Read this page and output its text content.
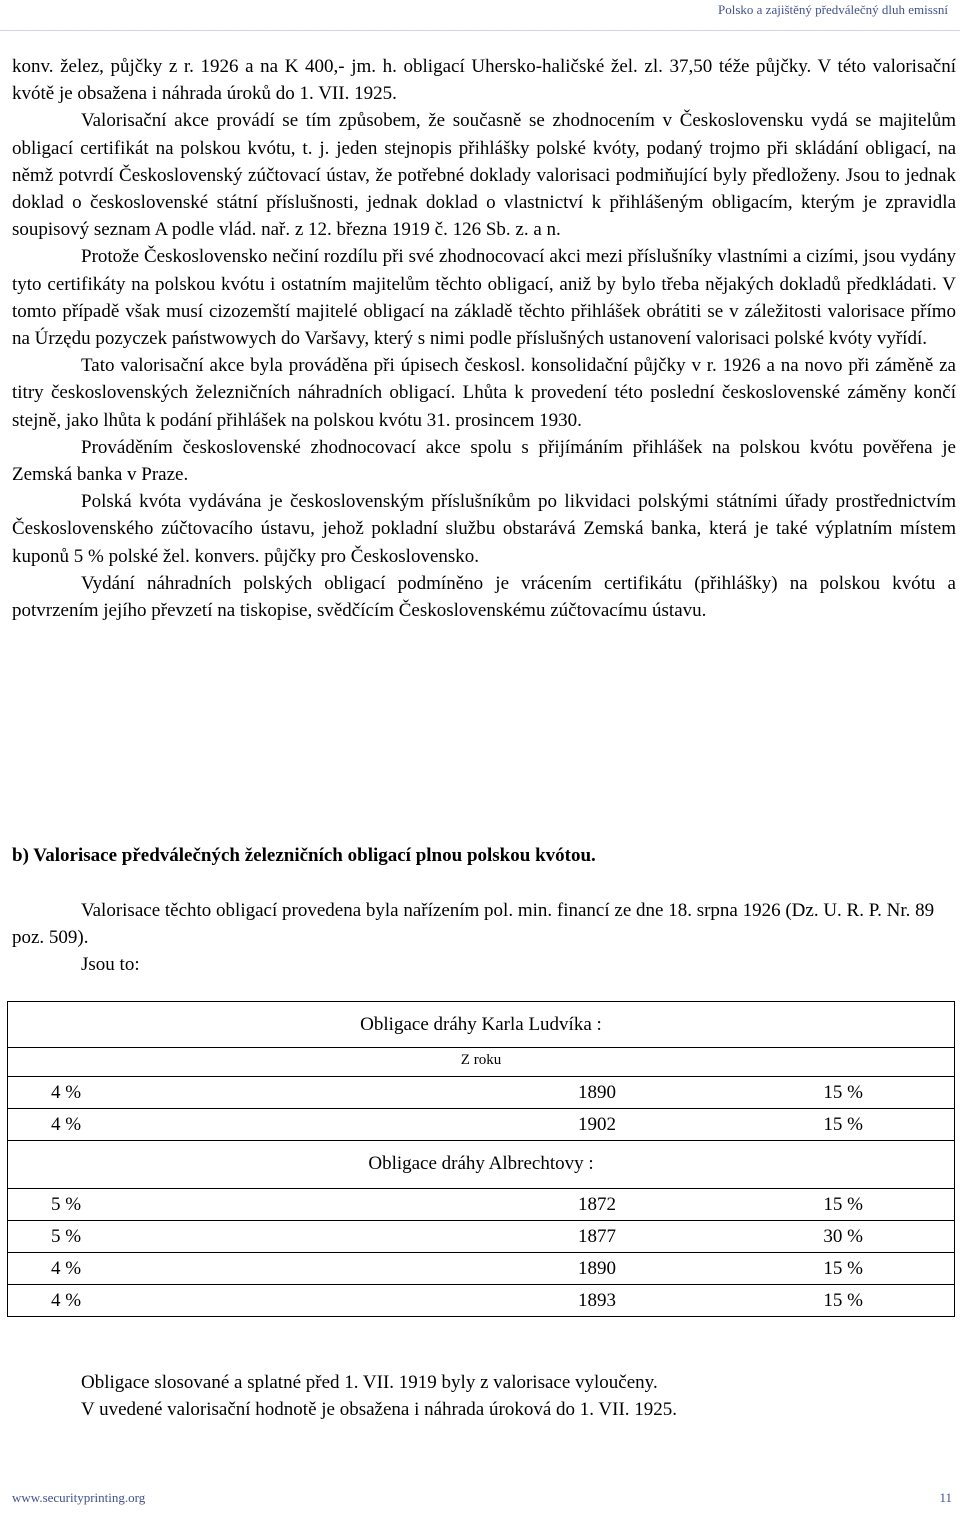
Polsko a zajištěný předválečný dluh emissní

konv. želez, půjčky z r. 1926 a na K 400,- jm. h. obligací Uhersko-haličské žel. zl. 37,50 téže půjčky. V této valorisační kvótě je obsažena i náhrada úroků do 1. VII. 1925.

Valorisační akce provádí se tím způsobem, že současně se zhodnocením v Československu vydá se majitelům obligací certifikát na polskou kvótu, t. j. jeden stejnopis přihlášky polské kvóty, podaný trojmo při skládání obligací, na němž potvrdí Československý zúčtovací ústav, že potřebné doklady valorisaci podmiňující byly předloženy. Jsou to jednak doklad o československé státní příslušnosti, jednak doklad o vlastnictví k přihlášeným obligacím, kterým je zpravidla soupisový seznam A podle vlád. nař. z 12. března 1919 č. 126 Sb. z. a n.

Protože Československo nečiní rozdílu při své zhodnocovací akci mezi příslušníky vlastními a cizími, jsou vydány tyto certifikáty na polskou kvótu i ostatním majitelům těchto obligací, aniž by bylo třeba nějakých dokladů předkládati. V tomto případě však musí cizozemští majitelé obligací na základě těchto přihlášek obrátiti se v záležitosti valorisace přímo na Úrzędu pozyczek państwowych do Varšavy, který s nimi podle příslušných ustanovení valorisaci polské kvóty vyřídí.

Tato valorisační akce byla prováděna při úpisech českosl. konsolidační půjčky v r. 1926 a na novo při záměně za titry československých železničních náhradních obligací. Lhůta k provedení této poslední československé záměny končí stejně, jako lhůta k podání přihlášek na polskou kvótu 31. prosincem 1930.

Prováděním československé zhodnocovací akce spolu s přijímáním přihlášek na polskou kvótu pověřena je Zemská banka v Praze.

Polská kvóta vydávána je československým příslušníkům po likvidaci polskými státními úřady prostřednictvím Československého zúčtovacího ústavu, jehož pokladní službu obstarává Zemská banka, která je také výplatním místem kuponů 5 % polské žel. konvers. půjčky pro Československo.

Vydání náhradních polských obligací podmíněno je vrácením certifikátu (přihlášky) na polskou kvótu a potvrzením jejího převzetí na tiskopise, svědčícím Československému zúčtovacímu ústavu.

b) Valorisace předválečných železničních obligací plnou polskou kvótou.

Valorisace těchto obligací provedena byla nařízením pol. min. financí ze dne 18. srpna 1926 (Dz. U. R. P. Nr. 89 poz. 509).

Jsou to:

Obligace dráhy Karla Ludvíka :
Z roku
4 %	1890	15 %
4 %	1902	15 %
Obligace dráhy Albrechtovy :
5 %	1872	15 %
5 %	1877	30 %
4 %	1890	15 %
4 %	1893	15 %

Obligace slosované a splatné před 1. VII. 1919 byly z valorisace vyloučeny.

V uvedené valorisační hodnotě je obsažena i náhrada úroková do 1. VII. 1925.

www.securityprinting.org	11
